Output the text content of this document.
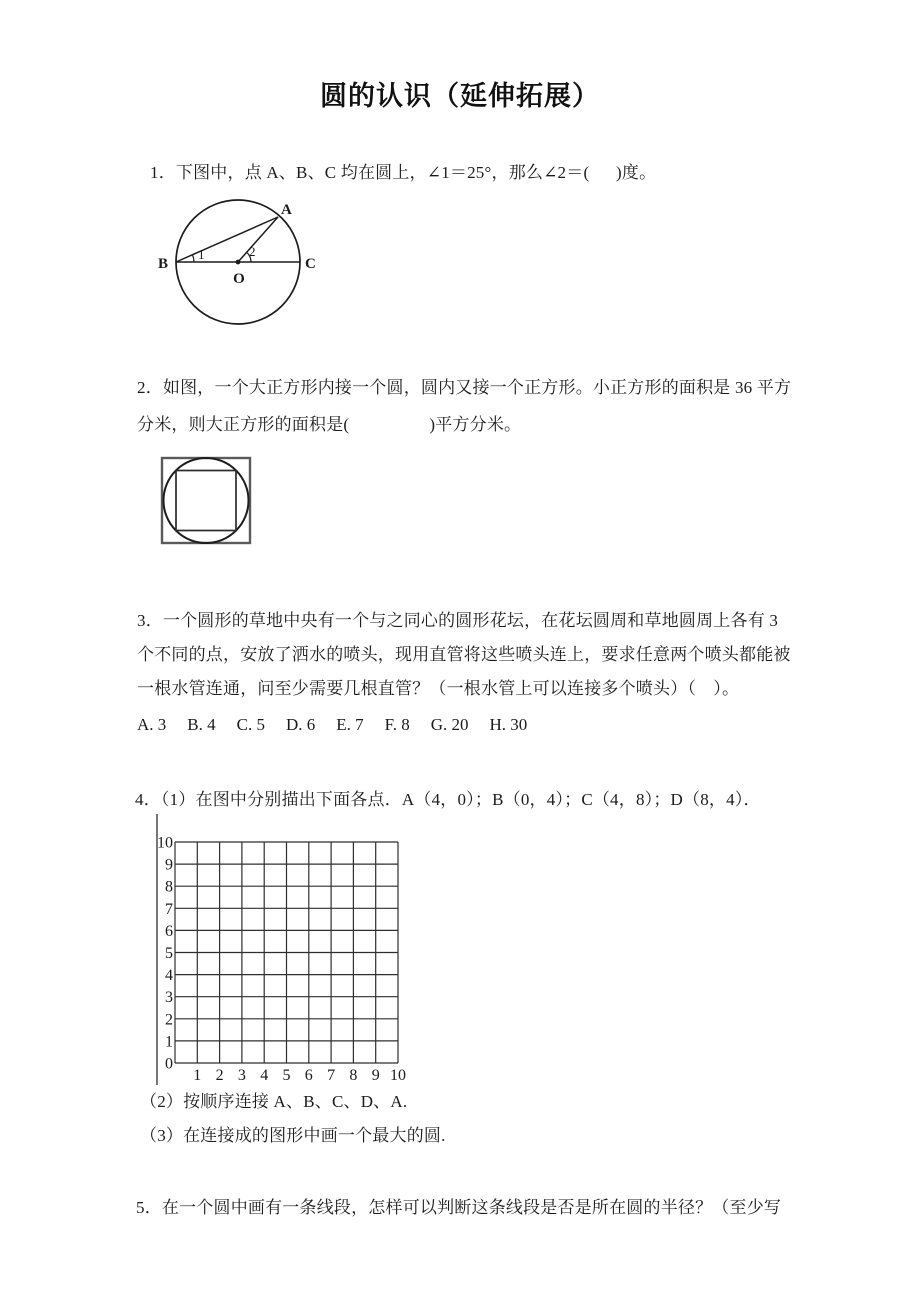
圆的认识（延伸拓展）
1．下图中，点 A、B、C 均在圆上，∠1＝25°，那么∠2＝(      )度。
A
B	C
O
1	2
2．如图，一个大正方形内接一个圆，圆内又接一个正方形。小正方形的面积是 36 平方
分米，则大正方形的面积是(                  )平方分米。
3．一个圆形的草地中央有一个与之同心的圆形花坛，在花坛圆周和草地圆周上各有 3
个不同的点，安放了洒水的喷头，现用直管将这些喷头连上，要求任意两个喷头都能被
一根水管连通，问至少需要几根直管？（一根水管上可以连接多个喷头）（　）。
A. 3 B. 4 C. 5 D. 6 E. 7 F. 8 G. 20 H. 30
4．（1）在图中分别描出下面各点．A（4，0）；B（0，4）；C（4，8）；D（8，4）．
10
9
8
7
6
5
4
3
2
1
0
1 2 3 4 5 6 7 8 9 10
（2）按顺序连接 A、B、C、D、A.
（3）在连接成的图形中画一个最大的圆.
5．在一个圆中画有一条线段，怎样可以判断这条线段是否是所在圆的半径？（至少写
